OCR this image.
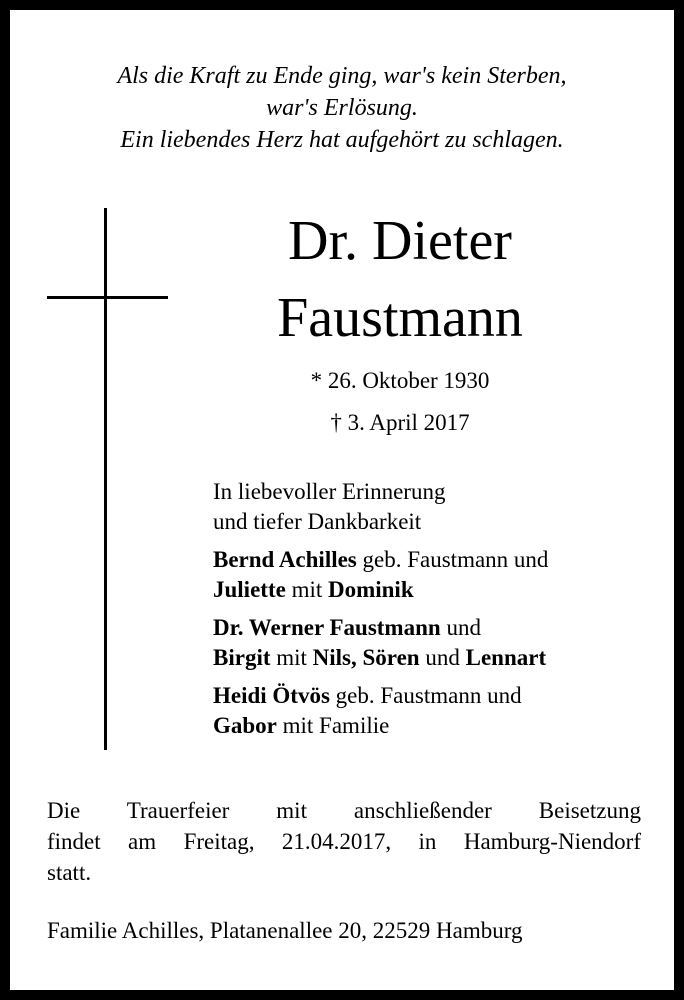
Als die Kraft zu Ende ging, war's kein Sterben,
war's Erlösung.
Ein liebendes Herz hat aufgehört zu schlagen.
Dr. Dieter
Faustmann
* 26. Oktober 1930
† 3. April 2017
In liebevoller Erinnerung
und tiefer Dankbarkeit
Bernd Achilles geb. Faustmann und
Juliette mit Dominik
Dr. Werner Faustmann und
Birgit mit Nils, Sören und Lennart
Heidi Ötvös geb. Faustmann und
Gabor mit Familie
Die Trauerfeier mit anschließender Beisetzung
findet am Freitag, 21.04.2017, in Hamburg-Niendorf
statt.
Familie Achilles, Platanenallee 20, 22529 Hamburg
